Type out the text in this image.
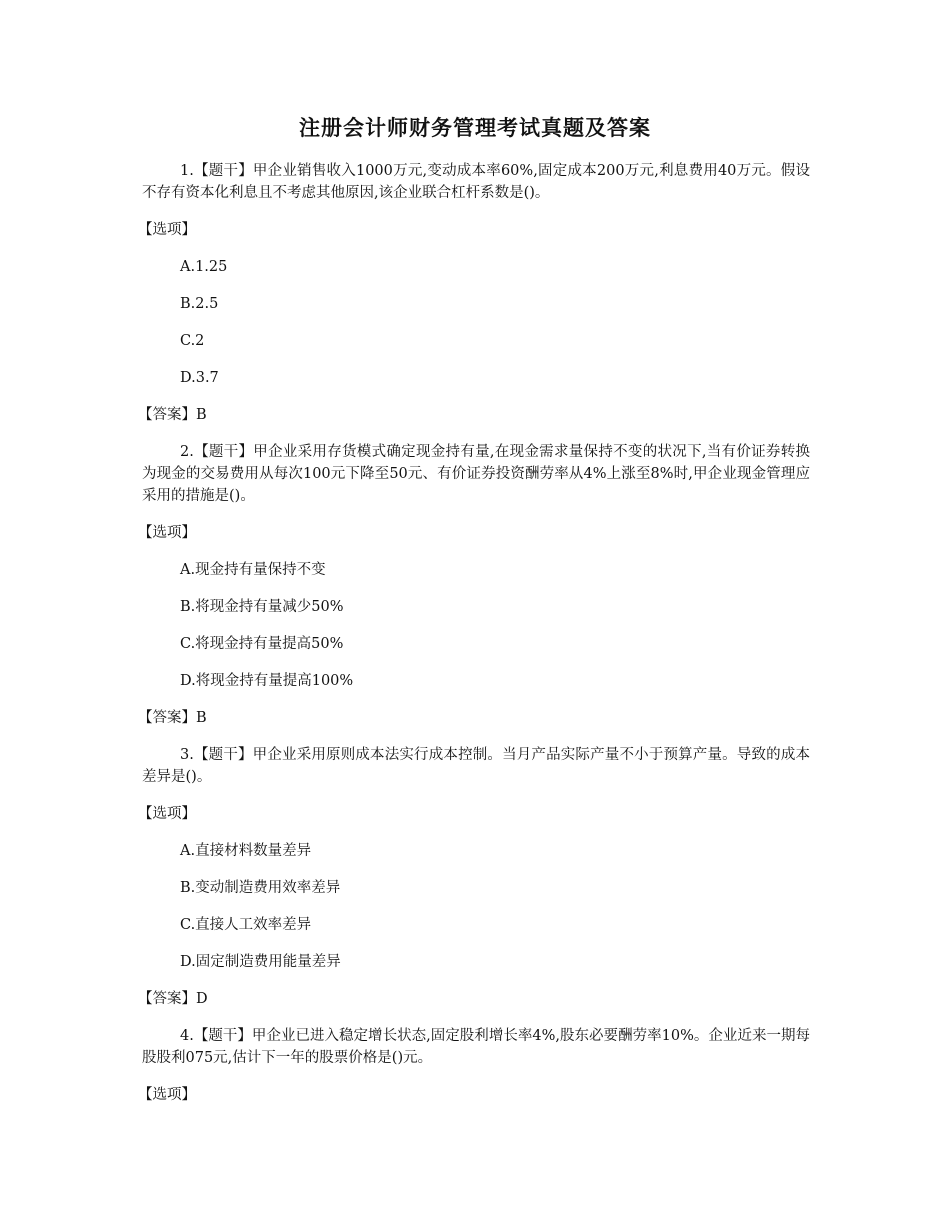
注册会计师财务管理考试真题及答案
1.【题干】甲企业销售收入1000万元,变动成本率60%,固定成本200万元,利息费用40万元。假设不存有资本化利息且不考虑其他原因,该企业联合杠杆系数是()。
【选项】
A.1.25
B.2.5
C.2
D.3.7
【答案】B
2.【题干】甲企业采用存货模式确定现金持有量,在现金需求量保持不变的状况下,当有价证券转换为现金的交易费用从每次100元下降至50元、有价证券投资酬劳率从4%上涨至8%时,甲企业现金管理应采用的措施是()。
【选项】
A.现金持有量保持不变
B.将现金持有量减少50%
C.将现金持有量提高50%
D.将现金持有量提高100%
【答案】B
3.【题干】甲企业采用原则成本法实行成本控制。当月产品实际产量不小于预算产量。导致的成本差异是()。
【选项】
A.直接材料数量差异
B.变动制造费用效率差异
C.直接人工效率差异
D.固定制造费用能量差异
【答案】D
4.【题干】甲企业已进入稳定增长状态,固定股利增长率4%,股东必要酬劳率10%。企业近来一期每股股利075元,估计下一年的股票价格是()元。
【选项】
